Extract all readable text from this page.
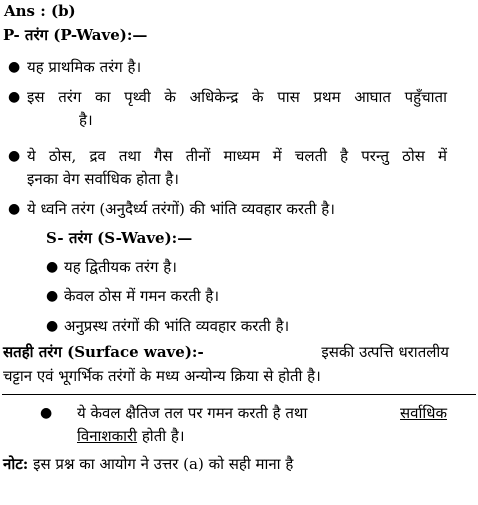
Ans : (b)
P- तरंग (P-Wave):—
● यह प्राथमिक तरंग है।
● इस तरंग का पृथ्वी के अधिकेन्द्र के पास प्रथम आघात पहुँचाता
है।
● ये ठोस, द्रव तथा गैस तीनों माध्यम में चलती है परन्तु ठोस में
इनका वेग सर्वाधिक होता है।
● ये ध्वनि तरंग (अनुदैर्ध्य तरंगों) की भांति व्यवहार करती है।
S- तरंग (S-Wave):—
● यह द्वितीयक तरंग है।
● केवल ठोस में गमन करती है।
● अनुप्रस्थ तरंगों की भांति व्यवहार करती है।
सतही तरंग (Surface wave):-	इसकी उत्पत्ति धरातलीय
चट्टान एवं भूगर्भिक तरंगों के मध्य अन्योन्य क्रिया से होती है।
● ये केवल क्षैतिज तल पर गमन करती है तथा	सर्वाधिक
विनाशकारी होती है।
नोट: इस प्रश्न का आयोग ने उत्तर (a) को सही माना है
